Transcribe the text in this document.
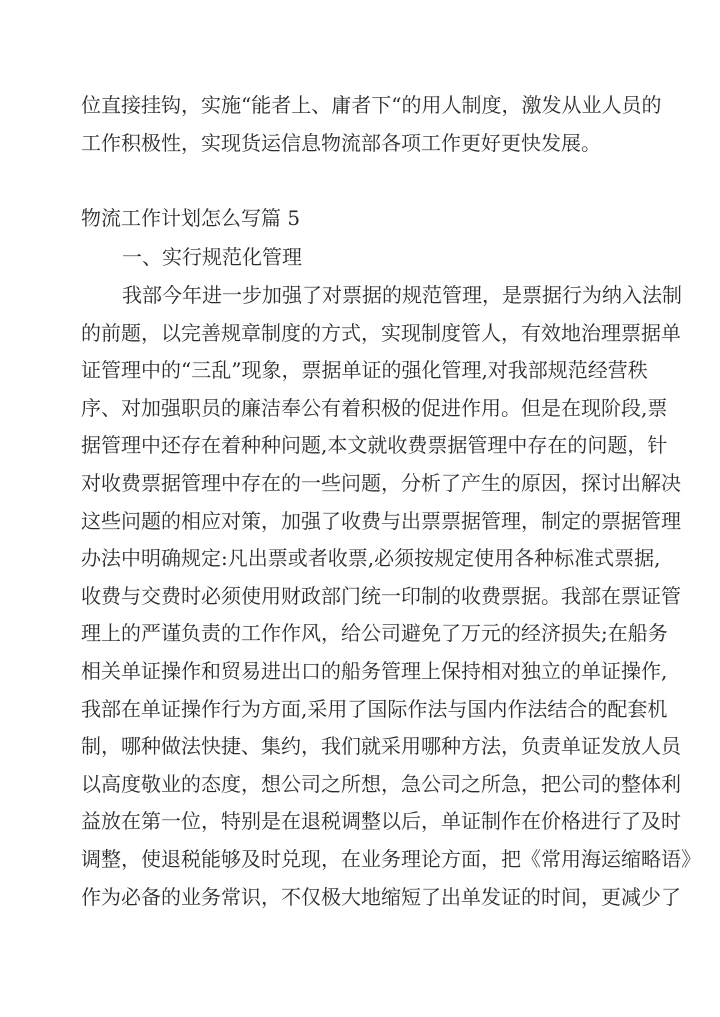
位直接挂钩，实施“能者上、庸者下“的用人制度，激发从业人员的
工作积极性，实现货运信息物流部各项工作更好更快发展。
物流工作计划怎么写篇 5
一、实行规范化管理
我部今年进一步加强了对票据的规范管理，是票据行为纳入法制
的前题，以完善规章制度的方式，实现制度管人，有效地治理票据单
证管理中的“三乱”现象，票据单证的强化管理,对我部规范经营秩
序、对加强职员的廉洁奉公有着积极的促进作用。但是在现阶段,票
据管理中还存在着种种问题,本文就收费票据管理中存在的问题，针
对收费票据管理中存在的一些问题，分析了产生的原因，探讨出解决
这些问题的相应对策，加强了收费与出票票据管理，制定的票据管理
办法中明确规定:凡出票或者收票,必须按规定使用各种标准式票据,
收费与交费时必须使用财政部门统一印制的收费票据。我部在票证管
理上的严谨负责的工作作风，给公司避免了万元的经济损失;在船务
相关单证操作和贸易进出口的船务管理上保持相对独立的单证操作,
我部在单证操作行为方面,采用了国际作法与国内作法结合的配套机
制，哪种做法快捷、集约，我们就采用哪种方法，负责单证发放人员
以高度敬业的态度，想公司之所想，急公司之所急，把公司的整体利
益放在第一位，特别是在退税调整以后，单证制作在价格进行了及时
调整，使退税能够及时兑现，在业务理论方面，把《常用海运缩略语》
作为必备的业务常识，不仅极大地缩短了出单发证的时间，更减少了
